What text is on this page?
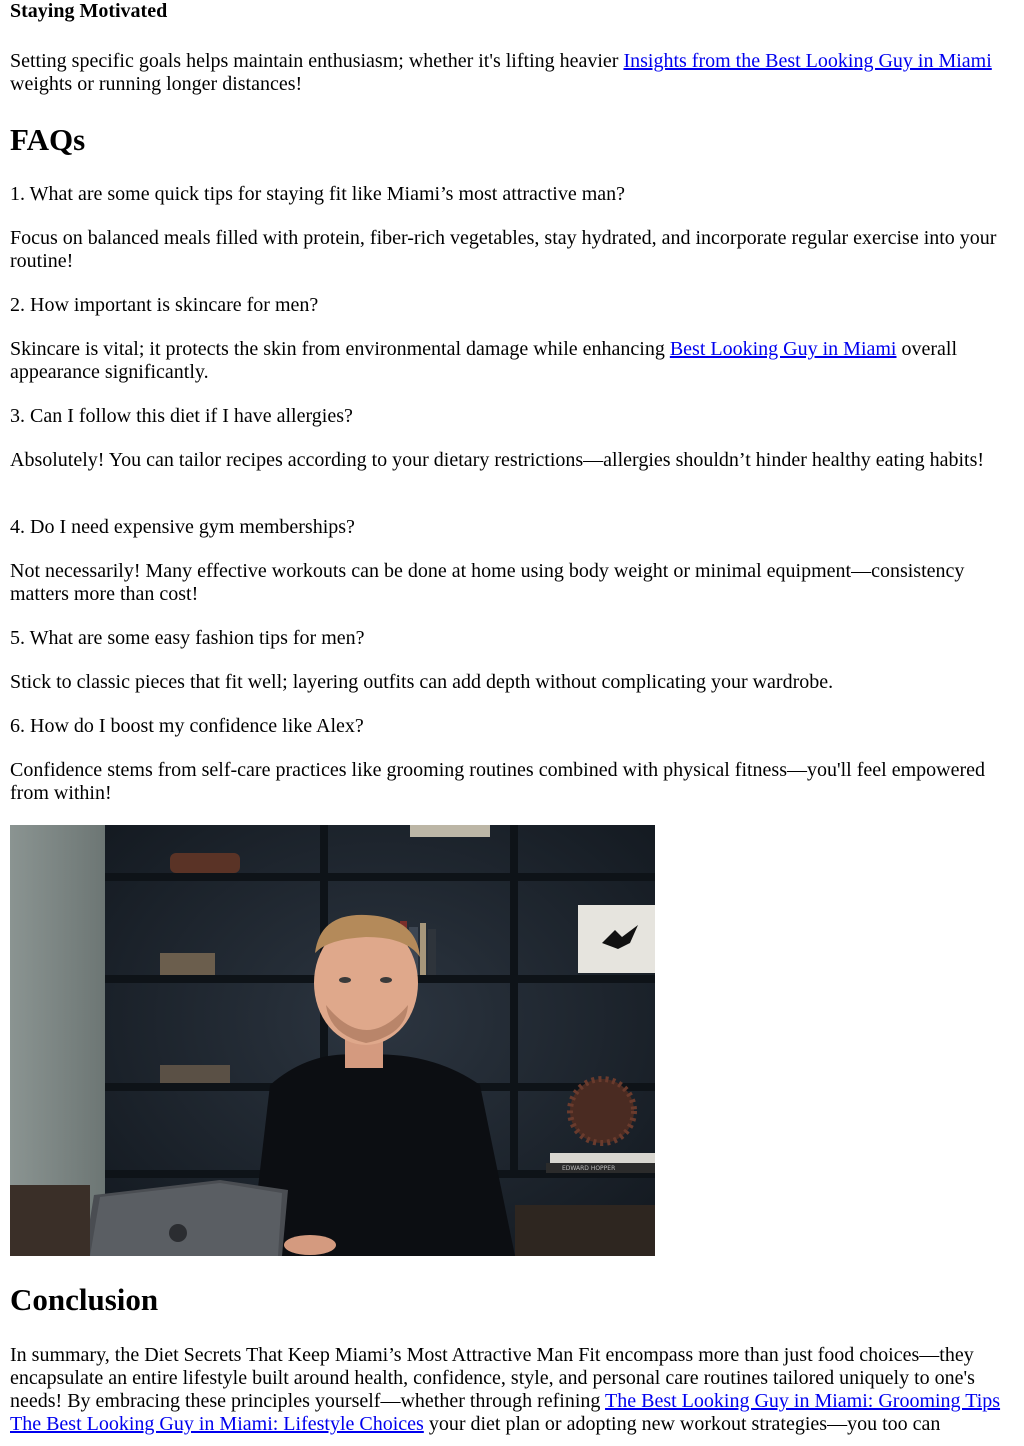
Staying Motivated

Setting specific goals helps maintain enthusiasm; whether it's lifting heavier Insights from the Best Looking Guy in Miami weights or running longer distances!

FAQs

1. What are some quick tips for staying fit like Miami’s most attractive man?

Focus on balanced meals filled with protein, fiber-rich vegetables, stay hydrated, and incorporate regular exercise into your routine!

2. How important is skincare for men?

Skincare is vital; it protects the skin from environmental damage while enhancing Best Looking Guy in Miami overall appearance significantly.

3. Can I follow this diet if I have allergies?

Absolutely! You can tailor recipes according to your dietary restrictions—allergies shouldn’t hinder healthy eating habits!

4. Do I need expensive gym memberships?

Not necessarily! Many effective workouts can be done at home using body weight or minimal equipment—consistency matters more than cost!

5. What are some easy fashion tips for men?

Stick to classic pieces that fit well; layering outfits can add depth without complicating your wardrobe.

6. How do I boost my confidence like Alex?

Confidence stems from self-care practices like grooming routines combined with physical fitness—you'll feel empowered from within!

EDWARD HOPPER
Conclusion

In summary, the Diet Secrets That Keep Miami’s Most Attractive Man Fit encompass more than just food choices—they encapsulate an entire lifestyle built around health, confidence, style, and personal care routines tailored uniquely to one's needs! By embracing these principles yourself—whether through refining The Best Looking Guy in Miami: Grooming Tips The Best Looking Guy in Miami: Lifestyle Choices your diet plan or adopting new workout strategies—you too can
